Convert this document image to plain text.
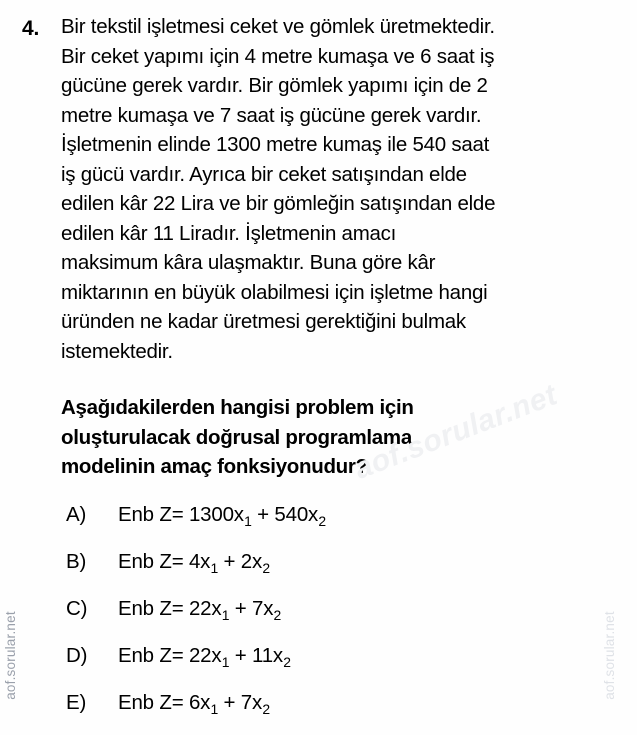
4. Bir tekstil işletmesi ceket ve gömlek üretmektedir.
Bir ceket yapımı için 4 metre kumaşa ve 6 saat iş
gücüne gerek vardır. Bir gömlek yapımı için de 2
metre kumaşa ve 7 saat iş gücüne gerek vardır.
İşletmenin elinde 1300 metre kumaş ile 540 saat
iş gücü vardır. Ayrıca bir ceket satışından elde
edilen kâr 22 Lira ve bir gömleğin satışından elde
edilen kâr 11 Liradır. İşletmenin amacı
maksimum kâra ulaşmaktır. Buna göre kâr
miktarının en büyük olabilmesi için işletme hangi
üründen ne kadar üretmesi gerektiğini bulmak
istemektedir.
Aşağıdakilerden hangisi problem için
oluşturulacak doğrusal programlama
modelinin amaç fonksiyonudur?
A)	Enb $Z= 1300x_1 + 540x_2$
B)	Enb $Z= 4x_1 + 2x_2$
C)	Enb $Z= 22x_1 + 7x_2$
D)	Enb $Z= 22x_1 + 11x_2$
E)	Enb $Z= 6x_1 + 7x_2$
aof.sorular.net
aof.sorular.net	aof.sorular.net
